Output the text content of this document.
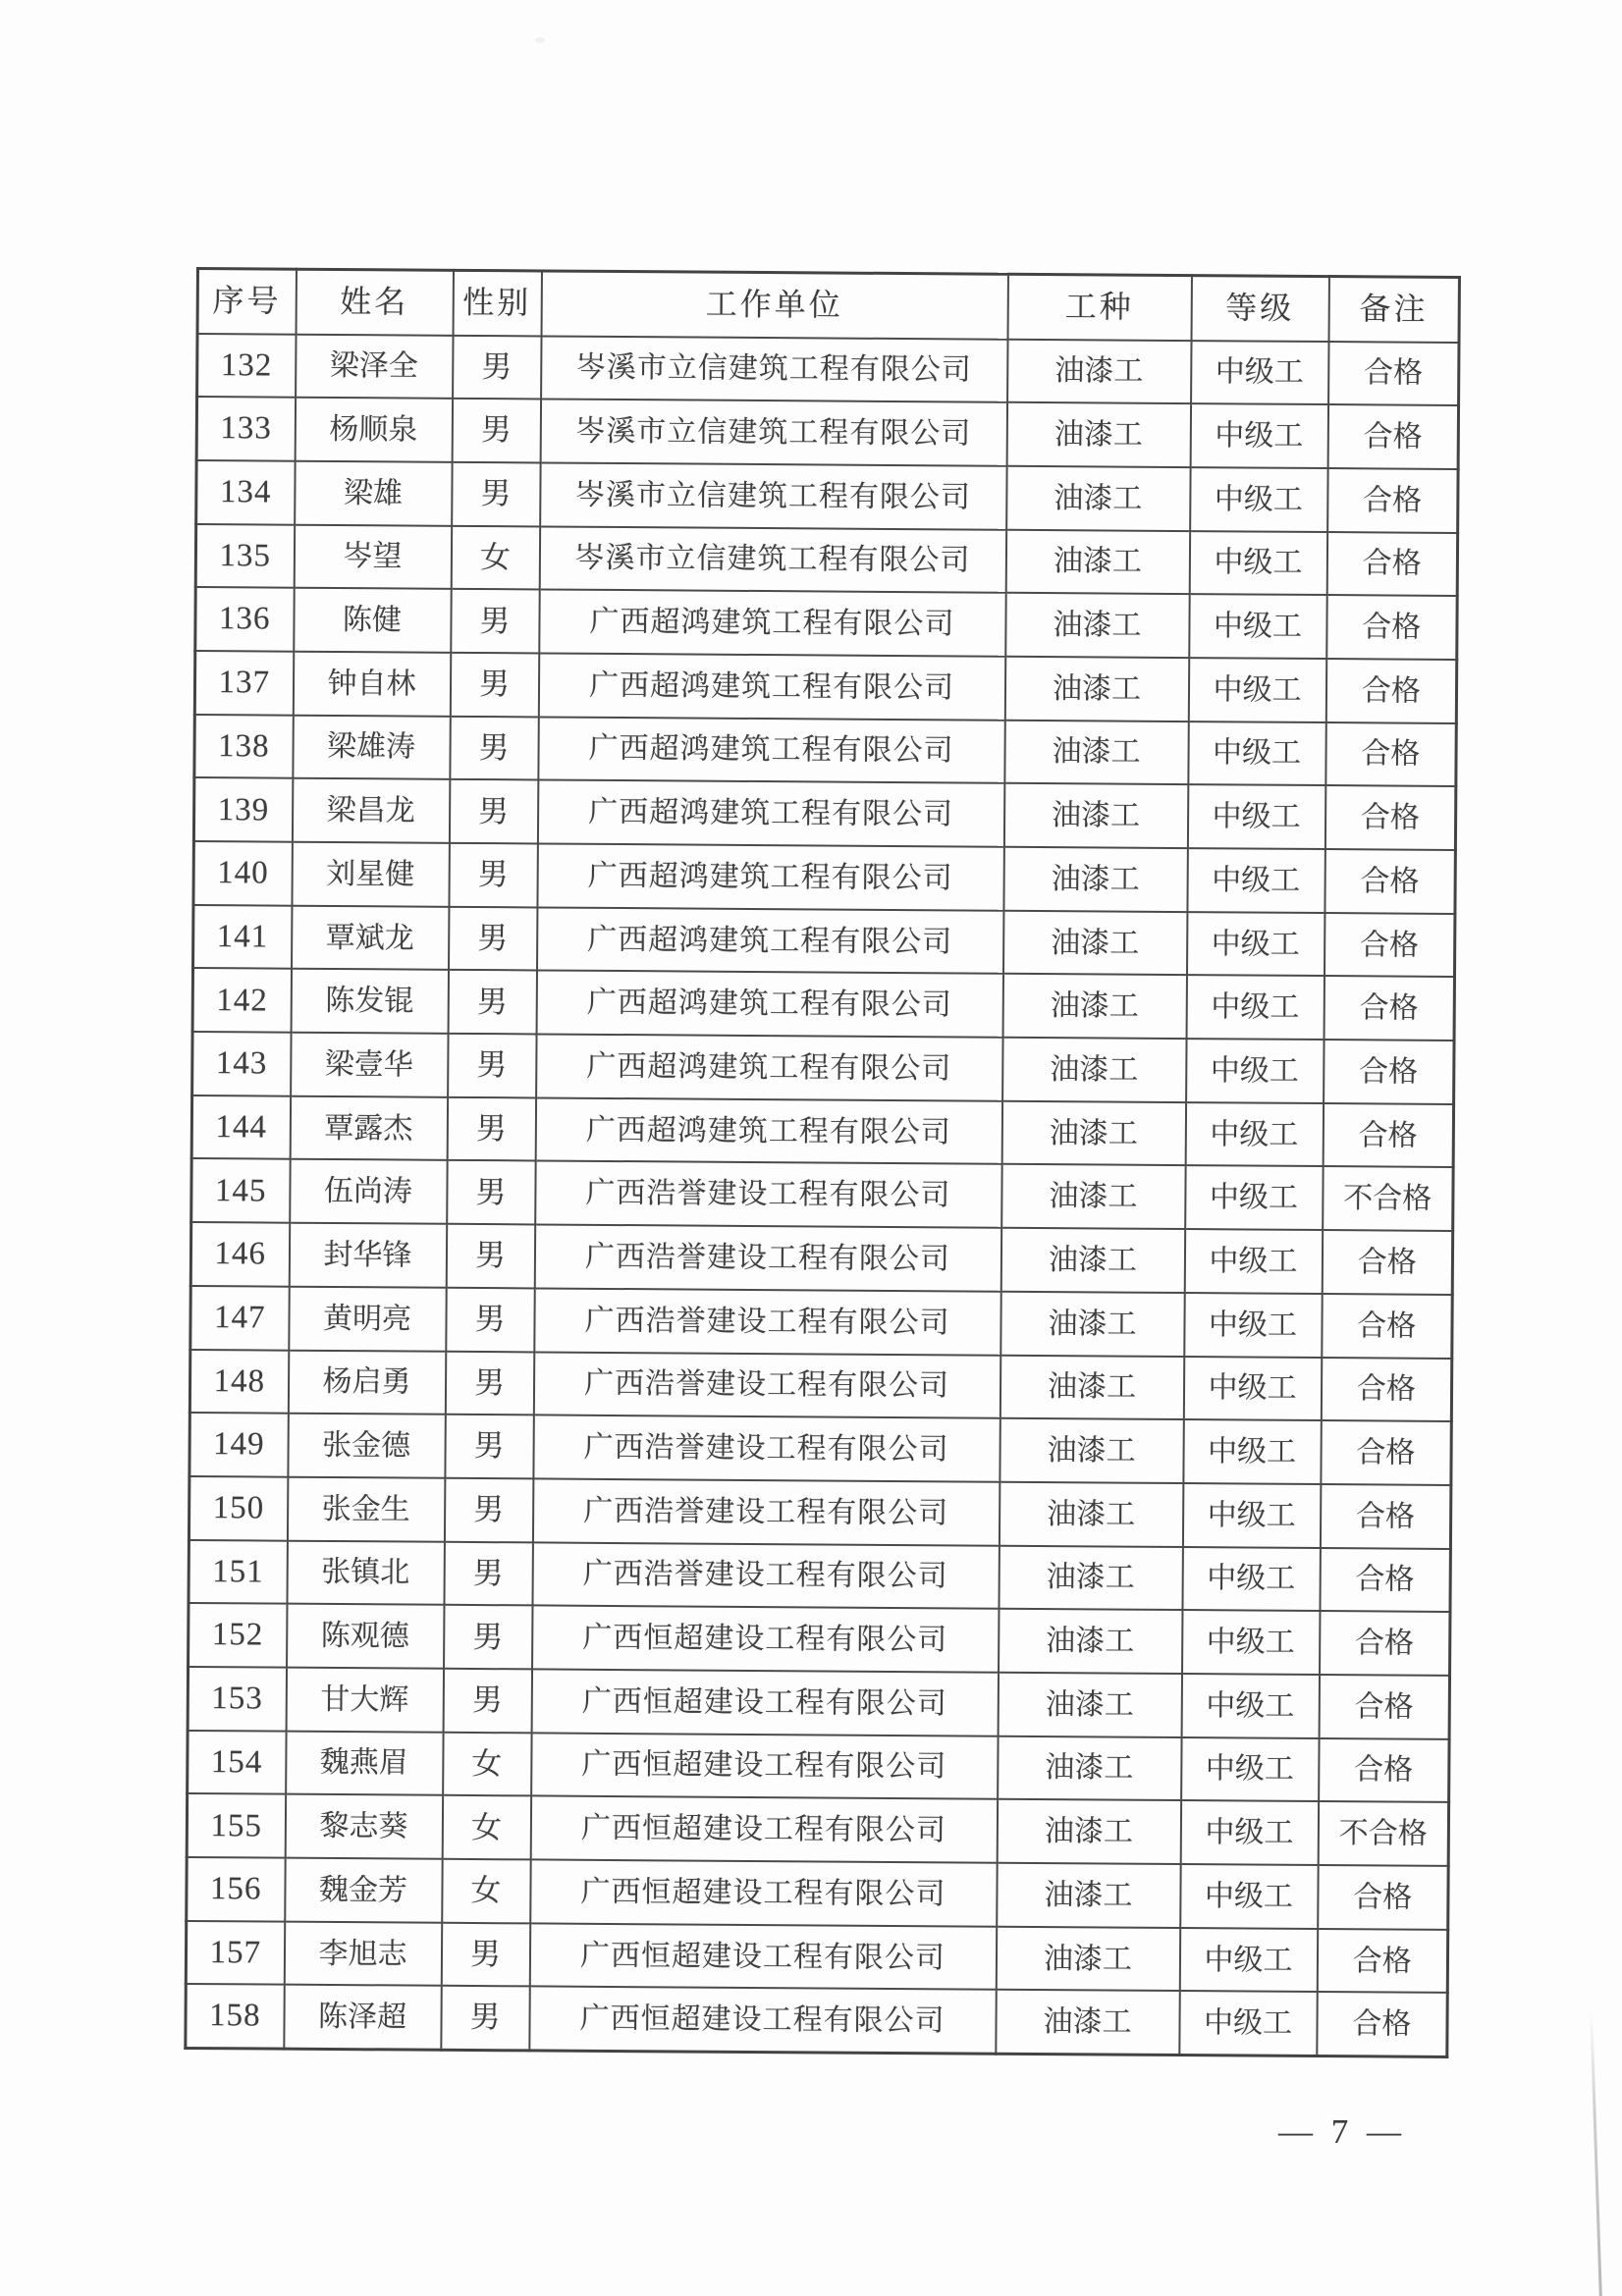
序号	姓名	性别	工作单位	工种	等级	备注
132	梁泽全	男	岑溪市立信建筑工程有限公司	油漆工	中级工	合格
133	杨顺泉	男	岑溪市立信建筑工程有限公司	油漆工	中级工	合格
134	梁雄	男	岑溪市立信建筑工程有限公司	油漆工	中级工	合格
135	岑望	女	岑溪市立信建筑工程有限公司	油漆工	中级工	合格
136	陈健	男	广西超鸿建筑工程有限公司	油漆工	中级工	合格
137	钟自林	男	广西超鸿建筑工程有限公司	油漆工	中级工	合格
138	梁雄涛	男	广西超鸿建筑工程有限公司	油漆工	中级工	合格
139	梁昌龙	男	广西超鸿建筑工程有限公司	油漆工	中级工	合格
140	刘星健	男	广西超鸿建筑工程有限公司	油漆工	中级工	合格
141	覃斌龙	男	广西超鸿建筑工程有限公司	油漆工	中级工	合格
142	陈发锟	男	广西超鸿建筑工程有限公司	油漆工	中级工	合格
143	梁壹华	男	广西超鸿建筑工程有限公司	油漆工	中级工	合格
144	覃露杰	男	广西超鸿建筑工程有限公司	油漆工	中级工	合格
145	伍尚涛	男	广西浩誉建设工程有限公司	油漆工	中级工	不合格
146	封华锋	男	广西浩誉建设工程有限公司	油漆工	中级工	合格
147	黄明亮	男	广西浩誉建设工程有限公司	油漆工	中级工	合格
148	杨启勇	男	广西浩誉建设工程有限公司	油漆工	中级工	合格
149	张金德	男	广西浩誉建设工程有限公司	油漆工	中级工	合格
150	张金生	男	广西浩誉建设工程有限公司	油漆工	中级工	合格
151	张镇北	男	广西浩誉建设工程有限公司	油漆工	中级工	合格
152	陈观德	男	广西恒超建设工程有限公司	油漆工	中级工	合格
153	甘大辉	男	广西恒超建设工程有限公司	油漆工	中级工	合格
154	魏燕眉	女	广西恒超建设工程有限公司	油漆工	中级工	合格
155	黎志葵	女	广西恒超建设工程有限公司	油漆工	中级工	不合格
156	魏金芳	女	广西恒超建设工程有限公司	油漆工	中级工	合格
157	李旭志	男	广西恒超建设工程有限公司	油漆工	中级工	合格
158	陈泽超	男	广西恒超建设工程有限公司	油漆工	中级工	合格
— 7 —
